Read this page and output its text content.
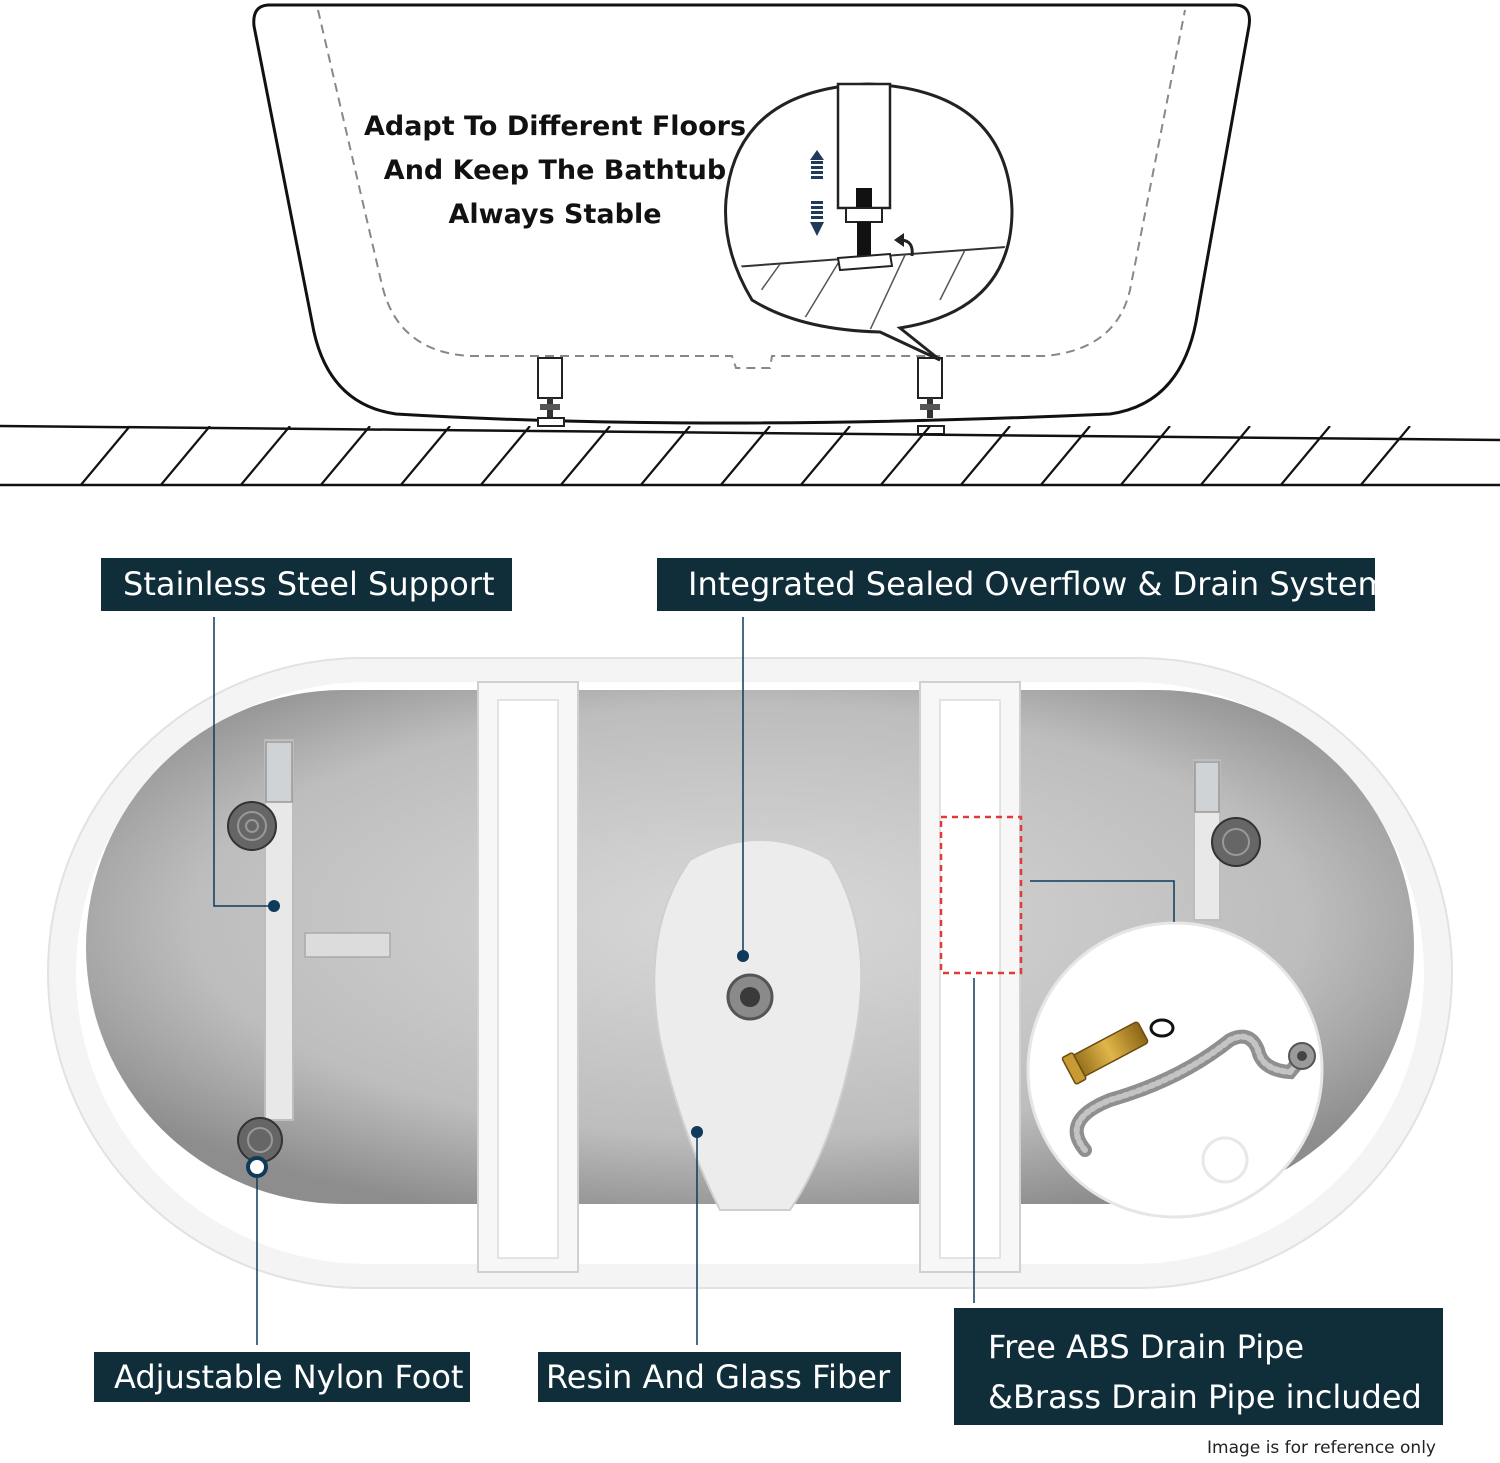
Adapt To Different Floors
And Keep The Bathtub
Always Stable
Stainless Steel Support	Integrated Sealed Overflow & Drain System
Adjustable Nylon Foot	Resin And Glass Fiber
Free ABS Drain Pipe
&Brass Drain Pipe included
Image is for reference only
